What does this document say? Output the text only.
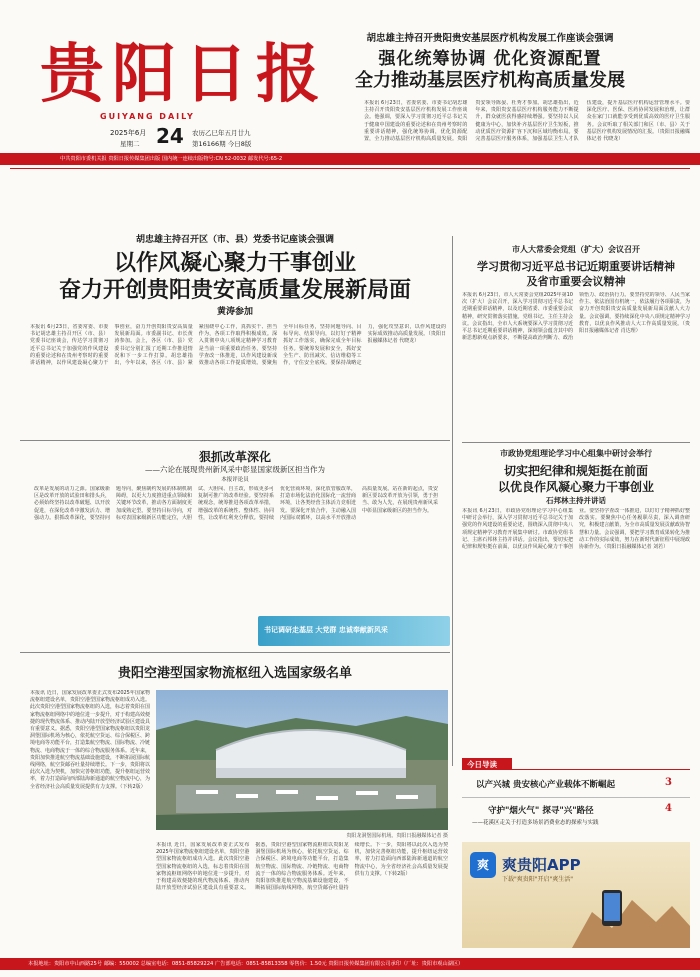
贵阳日报
GUIYANG DAILY
2025年6月
星期二 24 农历乙巳年五月廿九
第16166期 今日8版
中共贵阳市委机关报 贵阳日报传媒集团出版 国内统一连续出版物号:CN 52-0032 邮发代号:65-2
胡忠雄主持召开贵阳贵安基层医疗机构发展工作座谈会强调
强化统筹协调 优化资源配置
全力推动基层医疗机构高质量发展
本报讯 6月23日，省委常委、市委书记胡忠雄主持召开贵阳贵安基层医疗机构发展工作座谈会。他强调，要深入学习贯彻习近平总书记关于健康中国建设的重要论述和在贵州考察时的重要讲话精神，强化统筹协调，优化资源配置，全力推动基层医疗机构高质量发展。贵阳贵安领导陈晏、杜秀才参加。胡忠雄指出，近年来，贵阳贵安基层医疗机构服务能力不断提升，群众就医获得感持续增强。要坚持以人民健康为中心，加快补齐基层医疗卫生短板，推动优质医疗资源扩容下沉和区域均衡布局。要完善基层医疗服务体系，加强基层卫生人才队伍建设，提升基层医疗机构运营管理水平。要深化医疗、医保、医药协同发展和治理，让群众在家门口就能享受到优质高效的医疗卫生服务。会议听取了相关部门和区（市、县）关于基层医疗机构发展情况的汇报。（贵阳日报融媒体记者 代晓龙）
胡忠雄主持召开区（市、县）党委书记座谈会强调
以作风凝心聚力干事创业
奋力开创贵阳贵安高质量发展新局面
黄涛参加
本报讯 6月23日，省委常委、市委书记胡忠雄主持召开区（市、县）党委书记座谈会，传达学习贯彻习近平总书记关于加强党的作风建设的重要论述和在贵州考察时的重要讲话精神，以作风建设凝心聚力干事创业，奋力开创贵阳贵安高质量发展新局面。市委副书记、市长黄涛参加。会上，各区（市、县）党委书记分别汇报了近期工作推进情况和下一步工作打算。胡忠雄指出，今年以来，各区（市、县）紧紧围绕中心工作，真抓实干、担当作为，各项工作取得积极成效。深入贯彻中央八项规定精神学习教育是当前一项重要政治任务，要坚持学查改一体推进，以作风建设新成效推动各项工作提质增效。要聚焦全年目标任务，坚持问题导向、目标导向、结果导向，以钉钉子精神抓好工作落实，确保完成全年目标任务。要统筹发展和安全，抓好安全生产、防汛减灾、信访维稳等工作，守住安全底线。要保持战略定力，强化攻坚意识，以作风建设的实际成效推动高质量发展。（贵阳日报融媒体记者 代晓龙）
市人大常委会党组（扩大）会议召开
学习贯彻习近平总书记近期重要讲话精神
及省市重要会议精神
本报讯 6月23日，市人大常委会党组2025年第10次（扩大）会议召开，深入学习贯彻习近平总书记近期重要讲话精神，以及近期省委、市委重要会议精神，研究贯彻落实措施。党组书记、主任主持会议。会议指出，全市人大系统要深入学习贯彻习近平总书记近期重要讲话精神，深刻领会蕴含其中的新思想新观点新要求，不断提高政治判断力、政治领悟力、政治执行力。要坚持党的领导、人民当家作主、依法治国有机统一，依法履行各项职责，为奋力开创贵阳贵安高质量发展新局面贡献人大力量。会议强调，要持续深化中央八项规定精神学习教育，以优良作风推动人大工作高质量发展。（贵阳日报融媒体记者 肖达理）
狠抓改革深化
——六论在展现贵州新风采中彰显国家级新区担当作为
本报评论员
改革是发展的动力之源。国家级新区是改革开放的试验田和排头兵，必须始终坚持以改革破题、以开放促进，在深化改革中激发活力、增强动力。狠抓改革深化，要坚持问题导向，聚焦制约发展的体制机制障碍，以更大力度推进重点领域和关键环节改革，推动各方面制度更加成熟定型。要坚持目标导向，对标对表国家级新区功能定位，大胆试、大胆闯、自主改，形成更多可复制可推广的改革经验。要坚持系统观念，统筹推进各项改革举措，增强改革的系统性、整体性、协同性，让改革红利充分释放。要持续优化营商环境，深化放管服改革，打造市场化法治化国际化一流营商环境，让各类经营主体活力竞相迸发。要深化开放合作，主动融入国内国际双循环，以高水平开放推动高质量发展。站在新的起点，贵安新区要以改革开放为引领，勇于担当、敢为人先，在展现贵州新风采中彰显国家级新区的担当作为。
书记调研走基层 大党群 忠诚奉献新风采
市政协党组理论学习中心组集中研讨会举行
切实把纪律和规矩挺在前面
以优良作风凝心聚力干事创业
石邦林主持并讲话
本报讯 6月23日，市政协党组理论学习中心组集中研讨会举行，深入学习贯彻习近平总书记关于加强党的作风建设的重要论述，围绕深入贯彻中央八项规定精神学习教育开展集中研讨。市政协党组书记、主席石邦林主持并讲话。会议指出，要切实把纪律和规矩挺在前面，以优良作风凝心聚力干事创业。要坚持学查改一体推进，以钉钉子精神抓好整改落实。要聚焦中心任务履职尽责，深入调查研究，积极建言献策，为全市高质量发展贡献政协智慧和力量。会议强调，要把学习教育成果转化为推动工作的实际成效，努力在新时代新征程中展现政协新作为。（贵阳日报融媒体记者 刘若）
贵阳空港型国家物流枢纽入选国家级名单
本报讯 近日，国家发展改革委正式发布2025年国家物流枢纽建设名单，贵阳空港型国家物流枢纽成功入选。此次贵阳空港型国家物流枢纽的入选，标志着贵阳在国家物流枢纽网络中的地位进一步提升，对于构建高效便捷的现代物流体系、推动内陆开放型经济试验区建设具有重要意义。据悉，贵阳空港型国家物流枢纽以贵阳龙洞堡国际机场为核心，依托航空货运、综合保税区、跨境电商等功能平台，打造集航空物流、国际物流、冷链物流、电商物流于一体的综合物流服务体系。近年来，贵阳加快推进航空物流基础设施建设，不断拓展国际航线网络，航空货邮吞吐量持续增长。下一步，贵阳将以此次入选为契机，加快完善枢纽功能，提升枢纽运营效率，着力打造面向西部陆海新通道的航空物流中心，为全省经济社会高质量发展提供有力支撑。（下转2版）
贵阳龙洞堡国际机场。贵阳日报融媒体记者 摄
本报讯 近日，国家发展改革委正式发布2025年国家物流枢纽建设名单，贵阳空港型国家物流枢纽成功入选。此次贵阳空港型国家物流枢纽的入选，标志着贵阳在国家物流枢纽网络中的地位进一步提升，对于构建高效便捷的现代物流体系、推动内陆开放型经济试验区建设具有重要意义。据悉，贵阳空港型国家物流枢纽以贵阳龙洞堡国际机场为核心，依托航空货运、综合保税区、跨境电商等功能平台，打造集航空物流、国际物流、冷链物流、电商物流于一体的综合物流服务体系。近年来，贵阳加快推进航空物流基础设施建设，不断拓展国际航线网络，航空货邮吞吐量持续增长。下一步，贵阳将以此次入选为契机，加快完善枢纽功能，提升枢纽运营效率，着力打造面向西部陆海新通道的航空物流中心，为全省经济社会高质量发展提供有力支撑。（下转2版）
今日导读
以产兴城 贵安核心产业载体不断崛起	3
守护"烟火气" 探寻"兴"路径	4
——花溪区走关于打造多场景消费业态的探索与实践
爽 爽贵阳APP
下载"爽贵阳"开启"爽生活"
本报地址：贵阳市中山西路25号 邮编：550002 总编室电话：0851-85829224 广告部电话：0851-85813358 零售价：1.50元 贵阳日报传媒集团有限公司承印（厂址：贵阳市观山湖区）
